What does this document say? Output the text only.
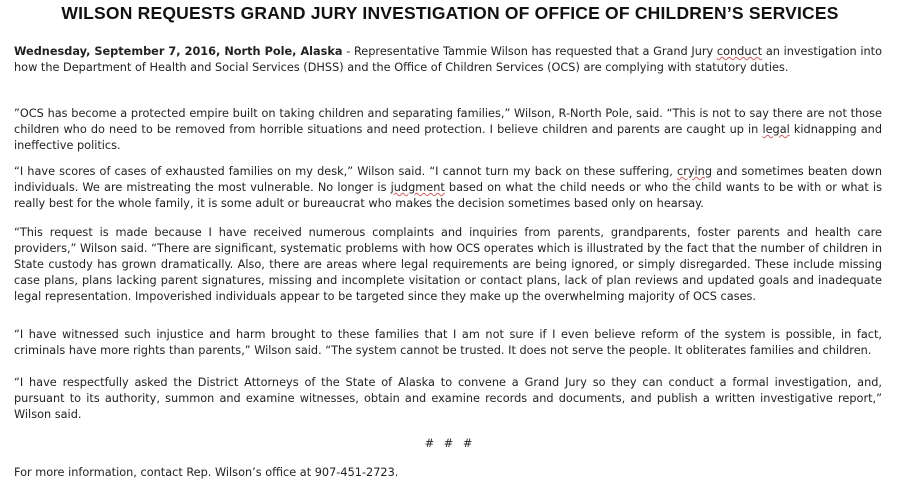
WILSON REQUESTS GRAND JURY INVESTIGATION OF OFFICE OF CHILDREN’S SERVICES

Wednesday, September 7, 2016, North Pole, Alaska - Representative Tammie Wilson has requested that a Grand Jury conduct an investigation into how the Department of Health and Social Services (DHSS) and the Office of Children Services (OCS) are complying with statutory duties.

”OCS has become a protected empire built on taking children and separating families,” Wilson, R-North Pole, said. “This is not to say there are not those children who do need to be removed from horrible situations and need protection. I believe children and parents are caught up in legal kidnapping and ineffective politics.

“I have scores of cases of exhausted families on my desk,” Wilson said. “I cannot turn my back on these suffering, crying and sometimes beaten down individuals. We are mistreating the most vulnerable. No longer is judgment based on what the child needs or who the child wants to be with or what is really best for the whole family, it is some adult or bureaucrat who makes the decision sometimes based only on hearsay.

“This request is made because I have received numerous complaints and inquiries from parents, grandparents, foster parents and health care providers,” Wilson said. “There are significant, systematic problems with how OCS operates which is illustrated by the fact that the number of children in State custody has grown dramatically. Also, there are areas where legal requirements are being ignored, or simply disregarded. These include missing case plans, plans lacking parent signatures, missing and incomplete visitation or contact plans, lack of plan reviews and updated goals and inadequate legal representation. Impoverished individuals appear to be targeted since they make up the overwhelming majority of OCS cases.

“I have witnessed such injustice and harm brought to these families that I am not sure if I even believe reform of the system is possible, in fact, criminals have more rights than parents,” Wilson said. “The system cannot be trusted. It does not serve the people. It obliterates families and children.

“I have respectfully asked the District Attorneys of the State of Alaska to convene a Grand Jury so they can conduct a formal investigation, and, pursuant to its authority, summon and examine witnesses, obtain and examine records and documents, and publish a written investigative report,” Wilson said.

# # #

For more information, contact Rep. Wilson’s office at 907-451-2723.
